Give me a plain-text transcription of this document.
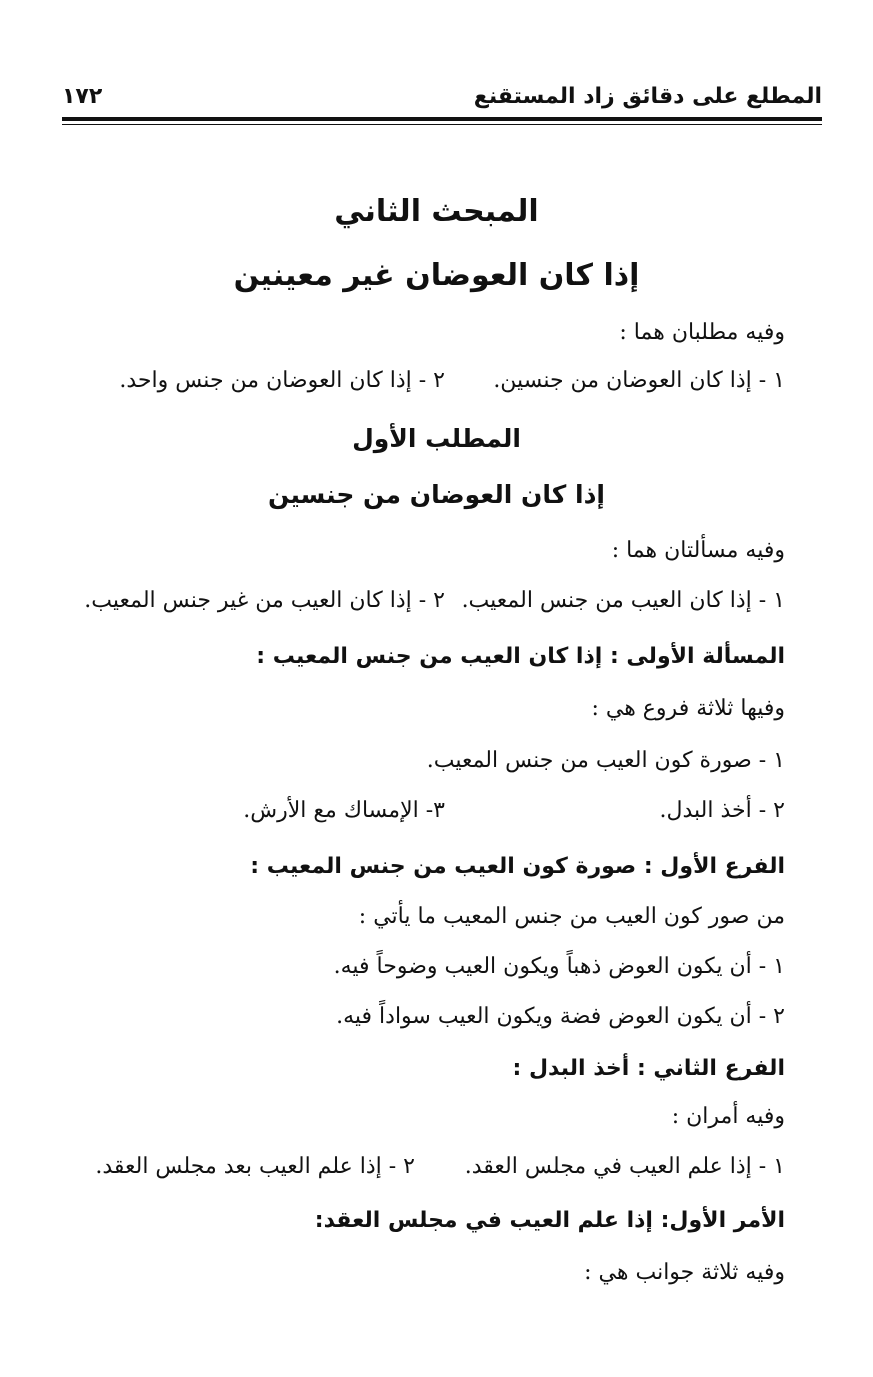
المطلع على دقائق زاد المستقنع
١٧٢
المبحث الثاني
إذا كان العوضان غير معينين
وفيه مطلبان هما :
١ - إذا كان العوضان من جنسين.
٢ - إذا كان العوضان من جنس واحد.
المطلب الأول
إذا كان العوضان من جنسين
وفيه مسألتان هما :
١ - إذا كان العيب من جنس المعيب.
٢ - إذا كان العيب من غير جنس المعيب.
المسألة الأولى : إذا كان العيب من جنس المعيب :
وفيها ثلاثة فروع هي :
١ - صورة كون العيب من جنس المعيب.
٢ - أخذ البدل.
٣- الإمساك مع الأرش.
الفرع الأول : صورة كون العيب من جنس المعيب :
من صور كون العيب من جنس المعيب ما يأتي :
١ - أن يكون العوض ذهباً ويكون العيب وضوحاً فيه.
٢ - أن يكون العوض فضة ويكون العيب سواداً فيه.
الفرع الثاني : أخذ البدل :
وفيه أمران :
١ - إذا علم العيب في مجلس العقد.
٢ - إذا علم العيب بعد مجلس العقد.
الأمر الأول: إذا علم العيب في مجلس العقد:
وفيه ثلاثة جوانب هي :
